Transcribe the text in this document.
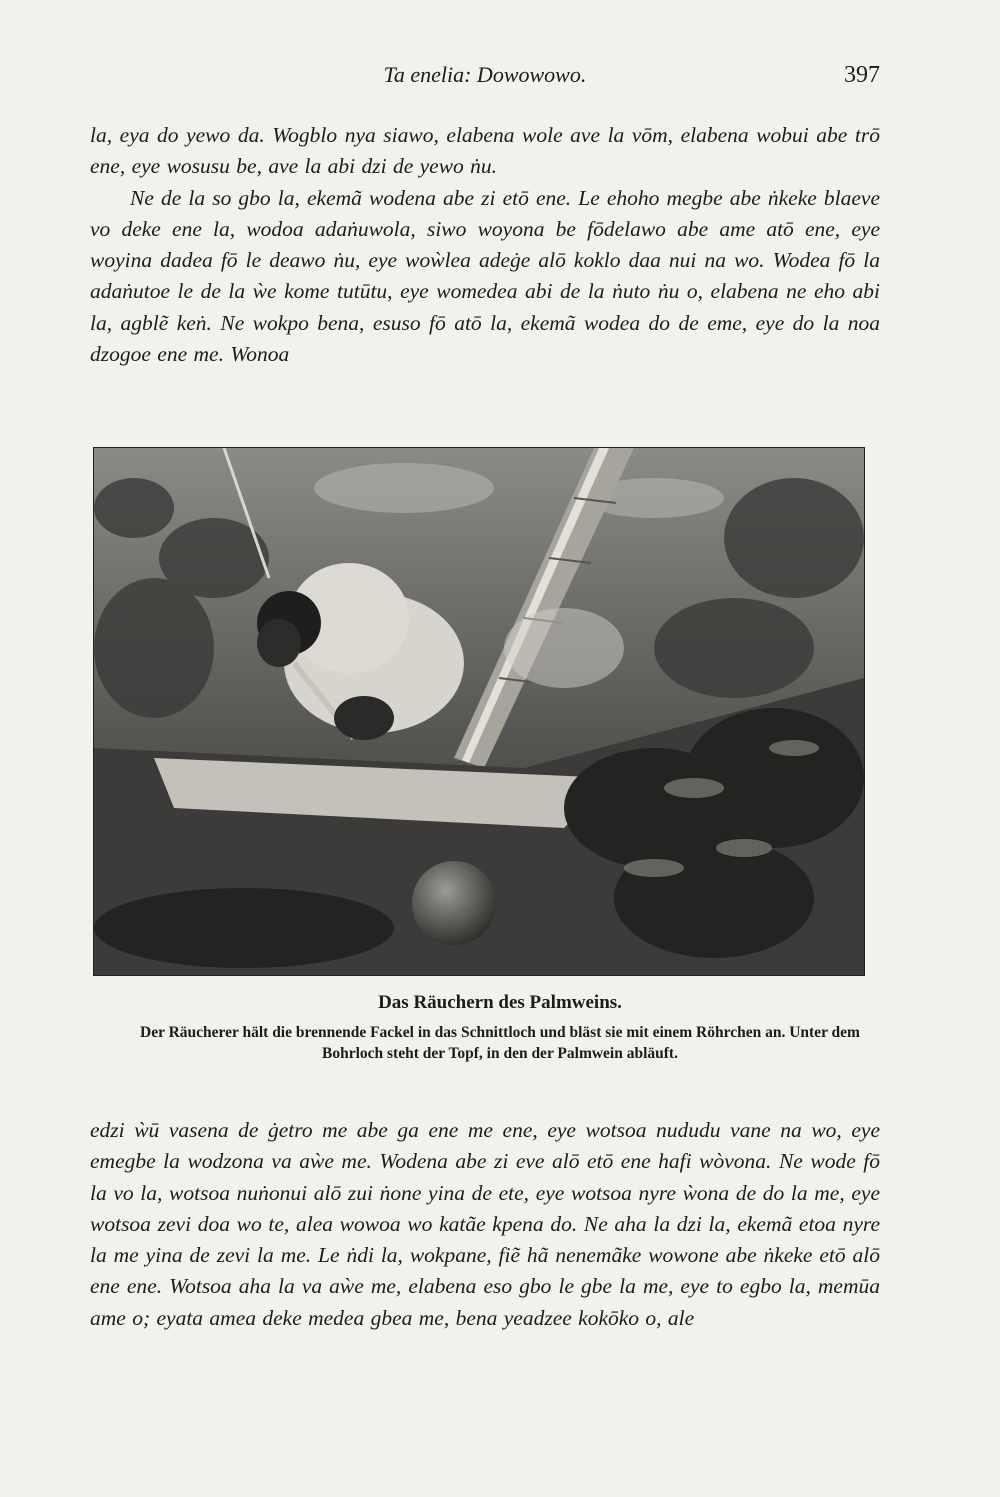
Ta enelia: Dowowowo.	397

la, eya do yewo da. Wogblo nya siawo, elabena wole ave la vōm, elabena wobui abe trō ene, eye wosusu be, ave la abi dzi de yewo ṅu.

Ne de la so gbo la, ekemã wodena abe zi etō ene. Le ehoho megbe abe ṅkeke blaeve vo deke ene la, wodoa adaṅuwola, siwo woyona be fōdelawo abe ame atō ene, eye woyina dadea fō le deawo ṅu, eye woẁlea adeġe alō koklo daa nui na wo. Wodea fō la adaṅutoe le de la ẁe kome tutūtu, eye womedea abi de la ṅuto ṅu o, elabena ne eho abi la, agblẽ keṅ. Ne wokpo bena, esuso fō atō la, ekemã wodea do de eme, eye do la noa dzogoe ene me. Wonoa

Das Räuchern des Palmweins.
Der Räucherer hält die brennende Fackel in das Schnittloch und bläst sie mit einem Röhrchen an. Unter dem Bohrloch steht der Topf, in den der Palmwein abläuft.

edzi ẁū vasena de ġetro me abe ga ene me ene, eye wotsoa nududu vane na wo, eye emegbe la wodzona va aẁe me. Wodena abe zi eve alō etō ene hafi wòvona. Ne wode fō la vo la, wotsoa nuṅonui alō zui ṅone yina de ete, eye wotsoa nyre ẁona de do la me, eye wotsoa zevi doa wo te, alea wowoa wo katãe kpena do. Ne aha la dzi la, ekemã etoa nyre la me yina de zevi la me. Le ṅdi la, wokpane, fiẽ hã nenemãke wowone abe ṅkeke etō alō ene ene. Wotsoa aha la va aẁe me, elabena eso gbo le gbe la me, eye to egbo la, memūa ame o; eyata amea deke medea gbea me, bena yeadzee kokōko o, ale
